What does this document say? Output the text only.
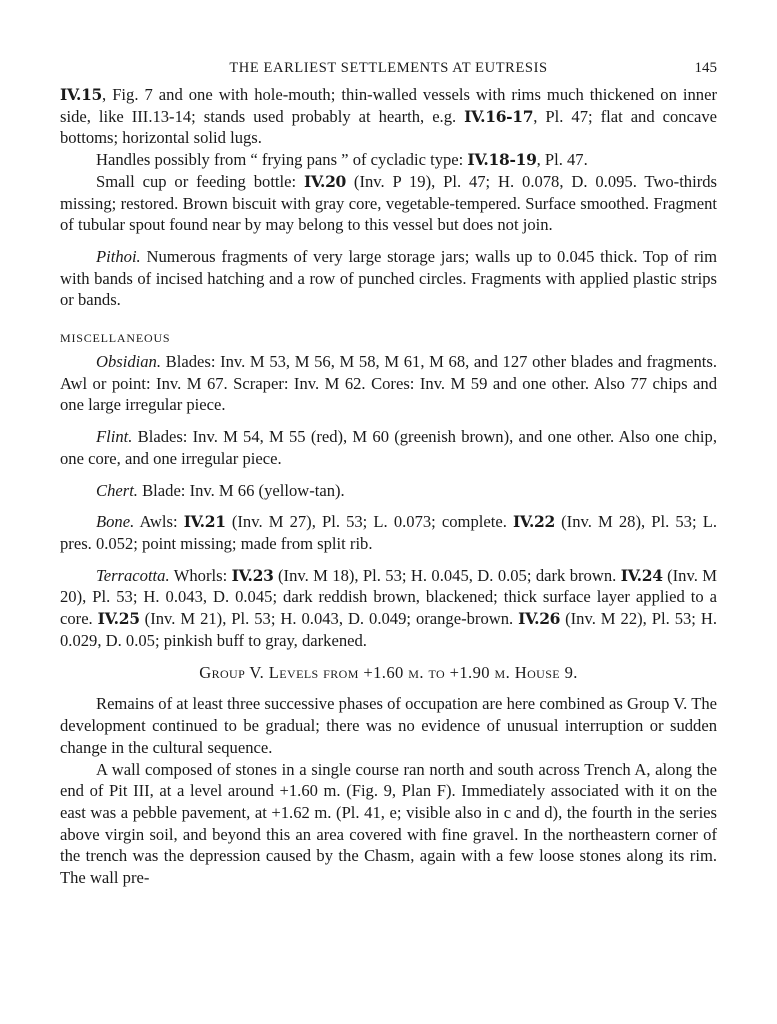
THE EARLIEST SETTLEMENTS AT EUTRESIS	145

IV.15, Fig. 7 and one with hole-mouth; thin-walled vessels with rims much thickened on inner side, like III.13-14; stands used probably at hearth, e.g. IV.16-17, Pl. 47; flat and concave bottoms; horizontal solid lugs.

Handles possibly from “ frying pans ” of cycladic type: IV.18-19, Pl. 47.

Small cup or feeding bottle: IV.20 (Inv. P 19), Pl. 47; H. 0.078, D. 0.095. Two-thirds missing; restored. Brown biscuit with gray core, vegetable-tempered. Surface smoothed. Fragment of tubular spout found near by may belong to this vessel but does not join.

Pithoi. Numerous fragments of very large storage jars; walls up to 0.045 thick. Top of rim with bands of incised hatching and a row of punched circles. Fragments with applied plastic strips or bands.

MISCELLANEOUS

Obsidian. Blades: Inv. M 53, M 56, M 58, M 61, M 68, and 127 other blades and fragments. Awl or point: Inv. M 67. Scraper: Inv. M 62. Cores: Inv. M 59 and one other. Also 77 chips and one large irregular piece.

Flint. Blades: Inv. M 54, M 55 (red), M 60 (greenish brown), and one other. Also one chip, one core, and one irregular piece.

Chert. Blade: Inv. M 66 (yellow-tan).

Bone. Awls: IV.21 (Inv. M 27), Pl. 53; L. 0.073; complete. IV.22 (Inv. M 28), Pl. 53; L. pres. 0.052; point missing; made from split rib.

Terracotta. Whorls: IV.23 (Inv. M 18), Pl. 53; H. 0.045, D. 0.05; dark brown. IV.24 (Inv. M 20), Pl. 53; H. 0.043, D. 0.045; dark reddish brown, blackened; thick surface layer applied to a core. IV.25 (Inv. M 21), Pl. 53; H. 0.043, D. 0.049; orange-brown. IV.26 (Inv. M 22), Pl. 53; H. 0.029, D. 0.05; pinkish buff to gray, darkened.

Group V. Levels from +1.60 m. to +1.90 m. House 9.

Remains of at least three successive phases of occupation are here combined as Group V. The development continued to be gradual; there was no evidence of unusual interruption or sudden change in the cultural sequence.

A wall composed of stones in a single course ran north and south across Trench A, along the end of Pit III, at a level around +1.60 m. (Fig. 9, Plan F). Immediately associated with it on the east was a pebble pavement, at +1.62 m. (Pl. 41, e; visible also in c and d), the fourth in the series above virgin soil, and beyond this an area covered with fine gravel. In the northeastern corner of the trench was the depression caused by the Chasm, again with a few loose stones along its rim. The wall pre-
